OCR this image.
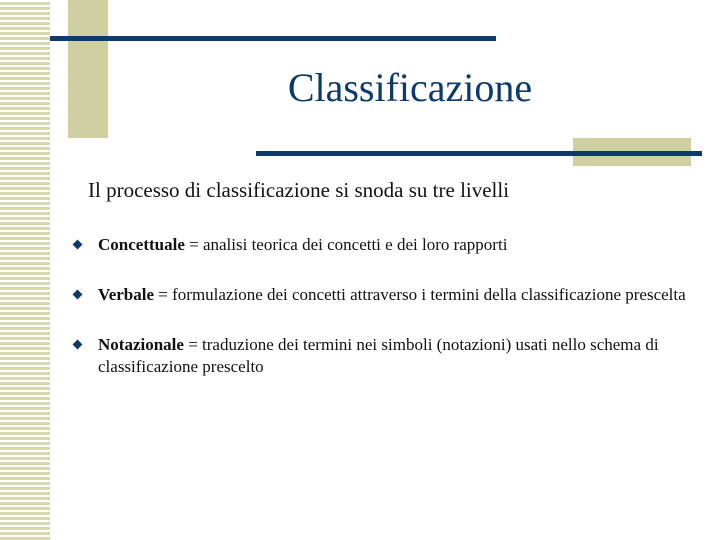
Classificazione
Il processo di classificazione si snoda su tre livelli
Concettuale = analisi teorica dei concetti e dei loro rapporti
Verbale = formulazione dei concetti attraverso i termini della classificazione prescelta
Notazionale = traduzione dei termini nei simboli (notazioni) usati nello schema di classificazione prescelto
